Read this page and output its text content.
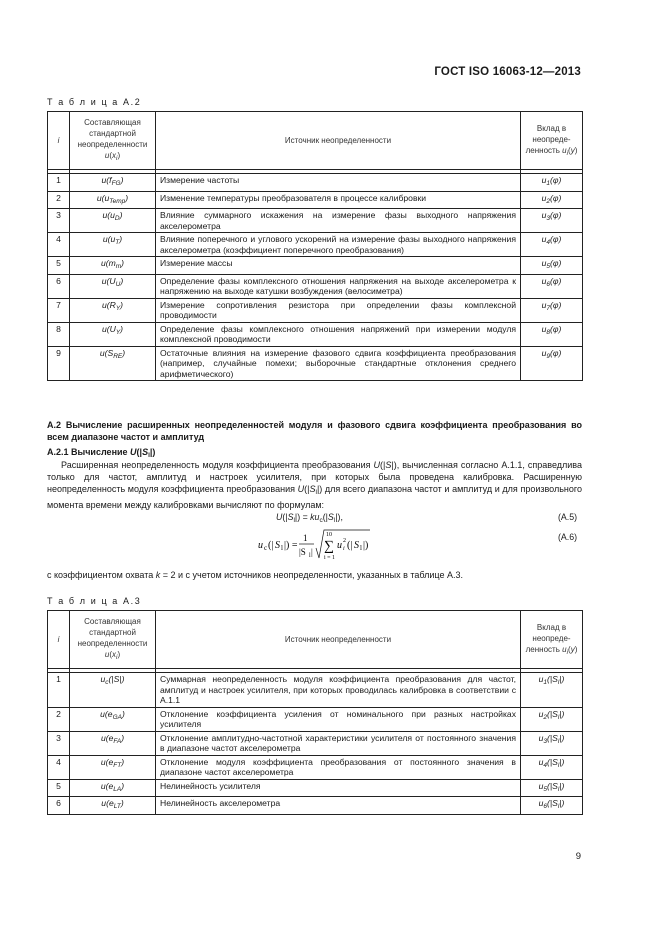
ГОСТ ISO 16063-12—2013
Т а б л и ц а А.2
i	Составляющая стандартной неопределенности $u(x_i)$	Источник неопределенности	Вклад в неопреде-ленность $u_i(y)$

1	$u(f_{FG})$	Измерение частоты	$u_1(\varphi)$
2	$u(u_{Temp})$	Изменение температуры преобразователя в процессе калибровки	$u_2(\varphi)$
3	$u(u_D)$	Влияние суммарного искажения на измерение фазы выходного напряжения акселерометра	$u_3(\varphi)$
4	$u(u_T)$	Влияние поперечного и углового ускорений на измерение фазы выходного напряжения акселерометра (коэффициент поперечного преобразования)	$u_4(\varphi)$
5	$u(m_m)$	Измерение массы	$u_5(\varphi)$
6	$u(U_U)$	Определение фазы комплексного отношения напряжения на выходе акселерометра к напряжению на выходе катушки возбуждения (велосиметра)	$u_6(\varphi)$
7	$u(R_Y)$	Измерение сопротивления резистора при определении фазы комплексной проводимости	$u_7(\varphi)$
8	$u(U_Y)$	Определение фазы комплексного отношения напряжений при измерении модуля комплексной проводимости	$u_8(\varphi)$
9	$u(S_{RE})$	Остаточные влияния на измерение фазового сдвига коэффициента преобразования (например, случайные помехи; выборочные стандартные отклонения среднего арифметического)	$u_9(\varphi)$
А.2 Вычисление расширенных неопределенностей модуля и фазового сдвига коэффициента преобразования во всем диапазоне частот и амплитуд
А.2.1 Вычисление $U(|S_l|)$
Расширенная неопределенность модуля коэффициента преобразования U(|S|), вычисленная согласно А.1.1, справедлива только для частот, амплитуд и настроек усилителя, при которых была проведена калибровка. Расширенную неопределенность модуля коэффициента преобразования $U(|S_l|)$ для всего диапазона частот и амплитуд и для произвольного момента времени между калибровками вычисляют по формулам:
$U(|S_l|) = ku_c(|S_l|)$,	(А.5)
u c (| S l |) =
1
|S l |
10
∑
i = 1
u i
2 (| S l |)
(А.6)
с коэффициентом охвата k = 2 и с учетом источников неопределенности, указанных в таблице А.3.
Т а б л и ц а А.3
i	Составляющая стандартной неопределенности $u(x_i)$	Источник неопределенности	Вклад в неопреде-ленность $u_i(y)$

1	$u_c(|S|)$	Суммарная неопределенность модуля коэффициента преобразования для частот, амплитуд и настроек усилителя, при которых проводилась калибровка в соответствии с А.1.1	$u_1(|S_l|)$
2	$u(e_{GA})$	Отклонение коэффициента усиления от номинального при разных настройках усилителя	$u_2(|S_l|)$
3	$u(e_{FA})$	Отклонение амплитудно-частотной характеристики усилителя от постоянного значения в диапазоне частот акселерометра	$u_3(|S_l|)$
4	$u(e_{FT})$	Отклонение модуля коэффициента преобразования от постоянного значения в диапазоне частот акселерометра	$u_4(|S_l|)$
5	$u(e_{LA})$	Нелинейность усилителя	$u_5(|S_l|)$
6	$u(e_{LT})$	Нелинейность акселерометра	$u_6(|S_l|)$
9
